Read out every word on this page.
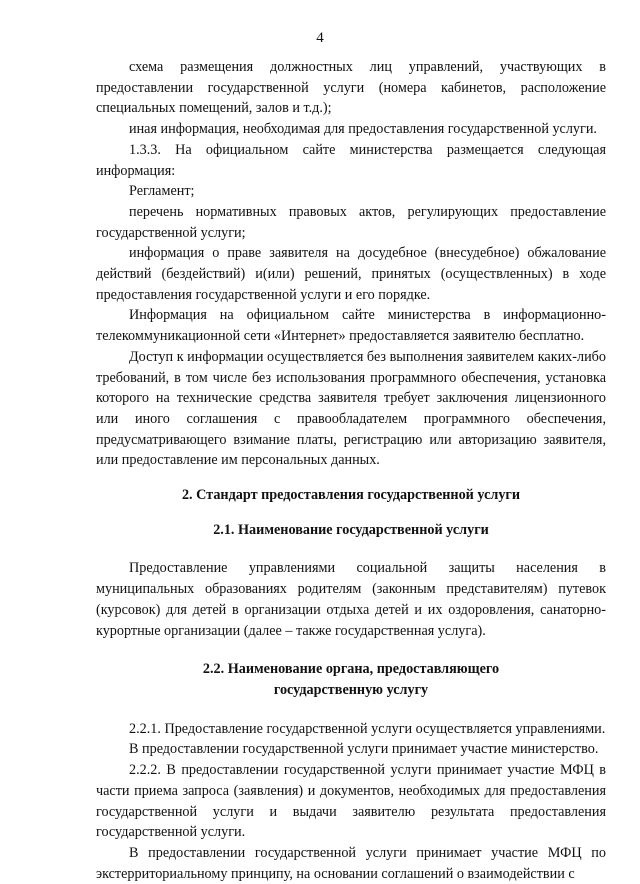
4

схема размещения должностных лиц управлений, участвующих в предоставлении государственной услуги (номера кабинетов, расположение специальных помещений, залов и т.д.);

иная информация, необходимая для предоставления государственной услуги.

1.3.3. На официальном сайте министерства размещается следующая информация:

Регламент;

перечень нормативных правовых актов, регулирующих предоставление государственной услуги;

информация о праве заявителя на досудебное (внесудебное) обжалование действий (бездействий) и(или) решений, принятых (осуществленных) в ходе предоставления государственной услуги и его порядке.

Информация на официальном сайте министерства в информационно-телекоммуникационной сети «Интернет» предоставляется заявителю бесплатно.

Доступ к информации осуществляется без выполнения заявителем каких-либо требований, в том числе без использования программного обеспечения, установка которого на технические средства заявителя требует заключения лицензионного или иного соглашения с правообладателем программного обеспечения, предусматривающего взимание платы, регистрацию или авторизацию заявителя, или предоставление им персональных данных.

2. Стандарт предоставления государственной услуги
2.1. Наименование государственной услуги

Предоставление управлениями социальной защиты населения в муниципальных образованиях родителям (законным представителям) путевок (курсовок) для детей в организации отдыха детей и их оздоровления, санаторно-курортные организации (далее – также государственная услуга).

2.2. Наименование органа, предоставляющего
государственную услугу

2.2.1. Предоставление государственной услуги осуществляется управлениями.

В предоставлении государственной услуги принимает участие министерство.

2.2.2. В предоставлении государственной услуги принимает участие МФЦ в части приема запроса (заявления) и документов, необходимых для предоставления государственной услуги и выдачи заявителю результата предоставления государственной услуги.

В предоставлении государственной услуги принимает участие МФЦ по экстерриториальному принципу, на основании соглашений о взаимодействии с
